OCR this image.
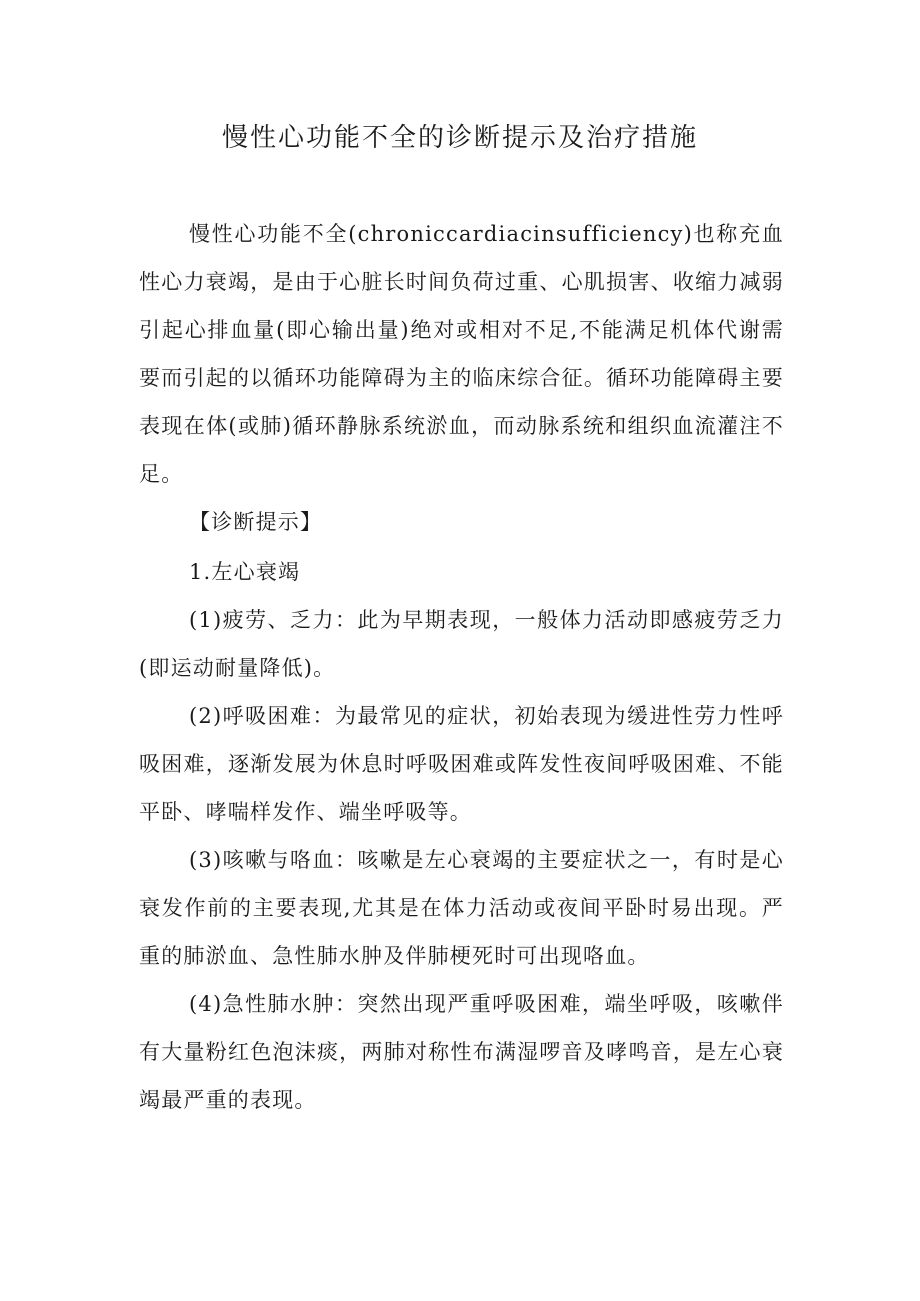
慢性心功能不全的诊断提示及治疗措施

慢性心功能不全(chroniccardiacinsufficiency)也称充血性心力衰竭，是由于心脏长时间负荷过重、心肌损害、收缩力减弱引起心排血量(即心输出量)绝对或相对不足,不能满足机体代谢需要而引起的以循环功能障碍为主的临床综合征。循环功能障碍主要表现在体(或肺)循环静脉系统淤血，而动脉系统和组织血流灌注不足。

【诊断提示】

1.左心衰竭

(1)疲劳、乏力：此为早期表现，一般体力活动即感疲劳乏力(即运动耐量降低)。

(2)呼吸困难：为最常见的症状，初始表现为缓进性劳力性呼吸困难，逐渐发展为休息时呼吸困难或阵发性夜间呼吸困难、不能平卧、哮喘样发作、端坐呼吸等。

(3)咳嗽与咯血：咳嗽是左心衰竭的主要症状之一，有时是心衰发作前的主要表现,尤其是在体力活动或夜间平卧时易出现。严重的肺淤血、急性肺水肿及伴肺梗死时可出现咯血。

(4)急性肺水肿：突然出现严重呼吸困难，端坐呼吸，咳嗽伴有大量粉红色泡沫痰，两肺对称性布满湿啰音及哮鸣音，是左心衰竭最严重的表现。
